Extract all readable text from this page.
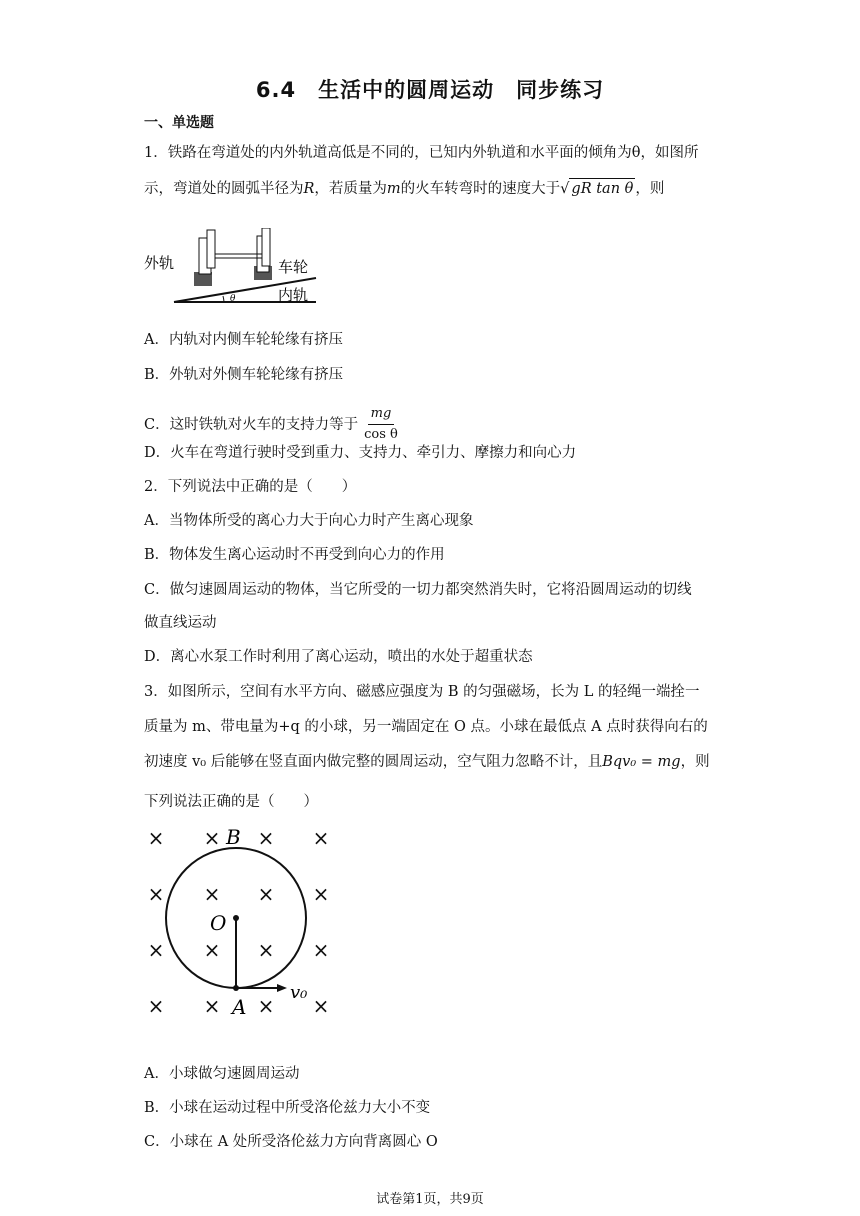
6.4　生活中的圆周运动　同步练习
一、单选题
1．铁路在弯道处的内外轨道高低是不同的，已知内外轨道和水平面的倾角为θ，如图所
示，弯道处的圆弧半径为R，若质量为m的火车转弯时的速度大于√ gR tan θ ，则
θ
外轨	车轮
内轨
A．内轨对内侧车轮轮缘有挤压
B．外轨对外侧车轮轮缘有挤压
C．这时铁轨对火车的支持力等于 $\frac{mg}{\text{cos θ}}$
D．火车在弯道行驶时受到重力、支持力、牵引力、摩擦力和向心力
2．下列说法中正确的是（　　）
A．当物体所受的离心力大于向心力时产生离心现象
B．物体发生离心运动时不再受到向心力的作用
C．做匀速圆周运动的物体，当它所受的一切力都突然消失时，它将沿圆周运动的切线
做直线运动
D．离心水泵工作时利用了离心运动，喷出的水处于超重状态
3．如图所示，空间有水平方向、磁感应强度为 B 的匀强磁场，长为 L 的轻绳一端拴一
质量为 m、带电量为+q 的小球，另一端固定在 O 点。小球在最低点 A 点时获得向右的
初速度 v₀ 后能够在竖直面内做完整的圆周运动，空气阻力忽略不计，且Bqv₀ = mg，则
下列说法正确的是（　　）
× × × ×
× × × ×
× × × ×
× × × ×
B
O
A
v₀
A．小球做匀速圆周运动
B．小球在运动过程中所受洛伦兹力大小不变
C．小球在 A 处所受洛伦兹力方向背离圆心 O
试卷第1页，共9页
